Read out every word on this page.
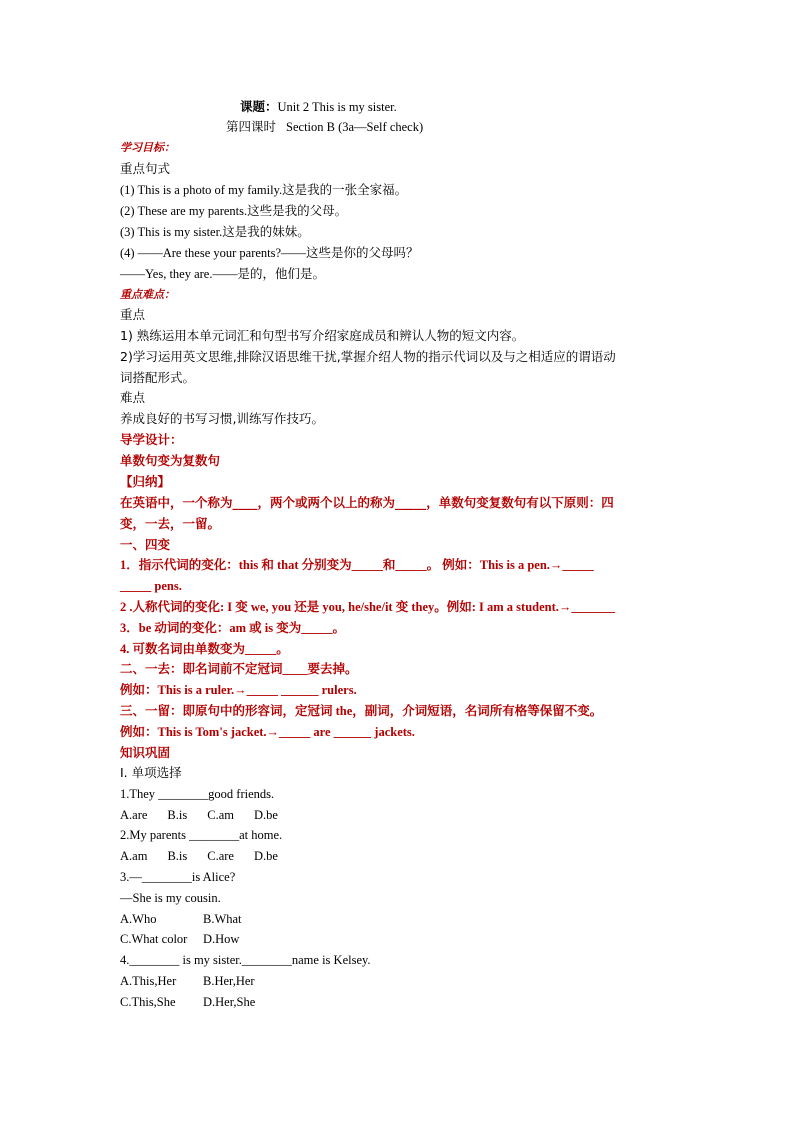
课题：Unit 2 This is my sister.
第四课时 Section B (3a—Self check)
学习目标：
重点句式
(1) This is a photo of my family.这是我的一张全家福。
(2) These are my parents.这些是我的父母。
(3) This is my sister.这是我的妹妹。
(4) ——Are these your parents?——这些是你的父母吗？
——Yes, they are.——是的，他们是。
重点难点：
重点
1) 熟练运用本单元词汇和句型书写介绍家庭成员和辨认人物的短文内容。
2)学习运用英文思维,排除汉语思维干扰,掌握介绍人物的指示代词以及与之相适应的谓语动
词搭配形式。
难点
养成良好的书写习惯,训练写作技巧。
导学设计：
单数句变为复数句
【归纳】
在英语中，一个称为____，两个或两个以上的称为_____，单数句变复数句有以下原则：四
变，一去，一留。
一、四变
1．指示代词的变化：this 和 that 分别变为_____和_____。 例如：This is a pen.→_____
_____ pens.
2 .人称代词的变化: I 变 we, you 还是 you, he/she/it 变 they。例如: I am a student.→_______
3．be 动词的变化：am 或 is 变为_____。
4. 可数名词由单数变为_____。
二、一去：即名词前不定冠词____要去掉。
例如：This is a ruler.→_____ ______ rulers.
三、一留：即原句中的形容词，定冠词 the，副词，介词短语，名词所有格等保留不变。
例如：This is Tom's jacket.→_____ are ______ jackets.
知识巩固
Ⅰ. 单项选择
1.They ________good friends.
A.are B.is C.am D.be
2.My parents ________at home.
A.am B.is C.are D.be
3.—________is Alice?
—She is my cousin.
A.Who	B.What
C.What color D.How
4.________ is my sister.________name is Kelsey.
A.This,Her B.Her,Her
C.This,She D.Her,She
